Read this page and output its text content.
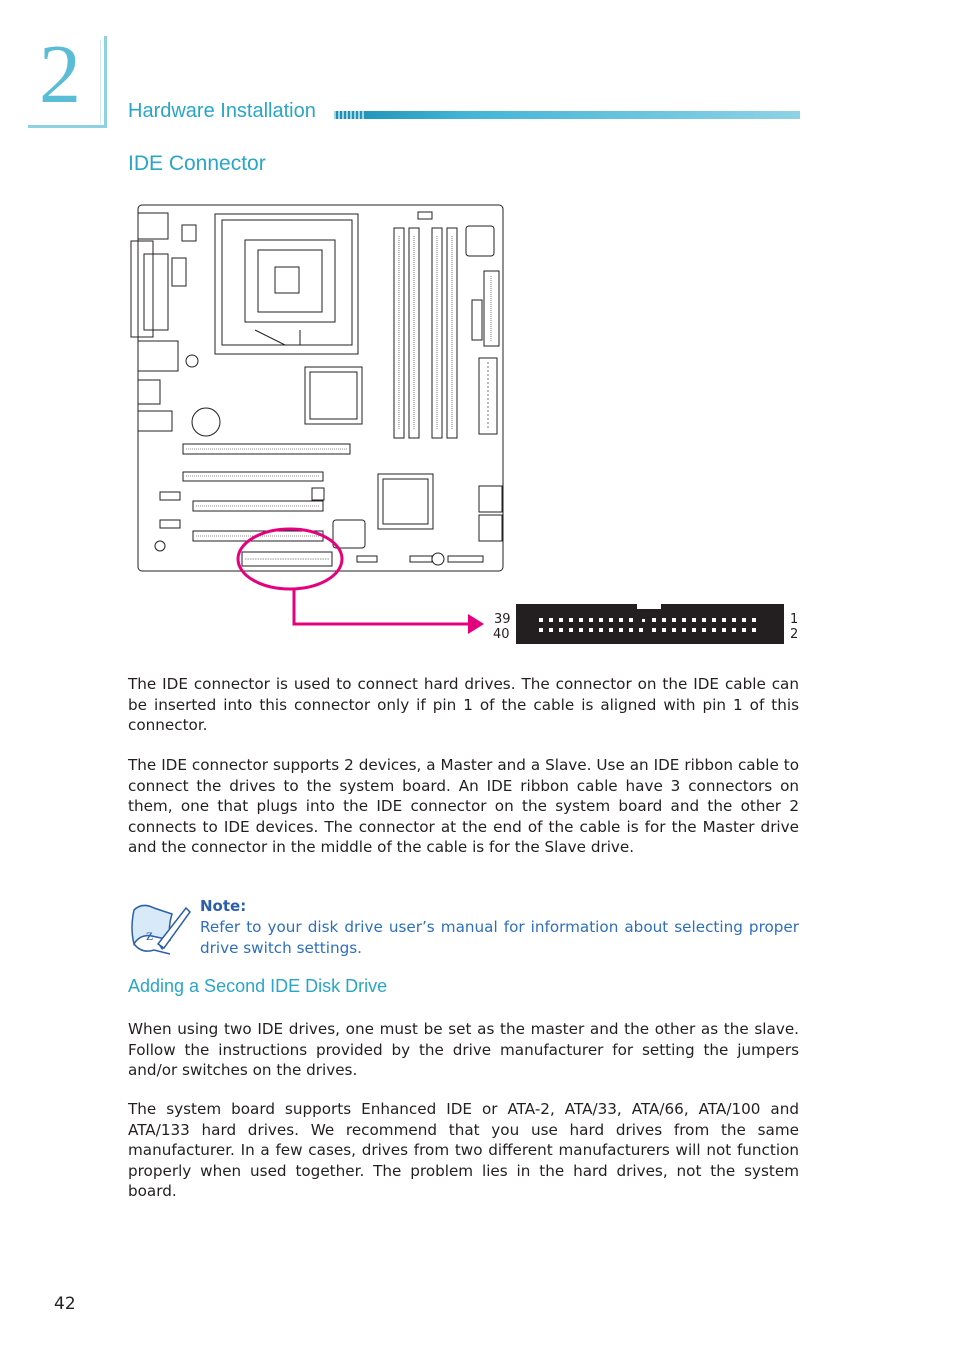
2	Hardware Installation
IDE Connector
39
40
1
2
The IDE connector is used to connect hard drives. The connector on the IDE cable can be inserted into this connector only if pin 1 of the cable is aligned with pin 1 of this connector.
The IDE connector supports 2 devices, a Master and a Slave. Use an IDE ribbon cable to connect the drives to the system board. An IDE ribbon cable have 3 connectors on them, one that plugs into the IDE connector on the system board and the other 2 connects to IDE devices. The connector at the end of the cable is for the Master drive and the connector in the middle of the cable is for the Slave drive.
z
Note:
Refer to your disk drive user’s manual for information about selecting proper drive switch settings.
Adding a Second IDE Disk Drive
When using two IDE drives, one must be set as the master and the other as the slave. Follow the instructions provided by the drive manufacturer for setting the jumpers and/or switches on the drives.
The system board supports Enhanced IDE or ATA-2, ATA/33, ATA/66, ATA/100 and ATA/133 hard drives. We recommend that you use hard drives from the same manufacturer. In a few cases, drives from two different manufacturers will not function properly when used together. The problem lies in the hard drives, not the system board.
42
